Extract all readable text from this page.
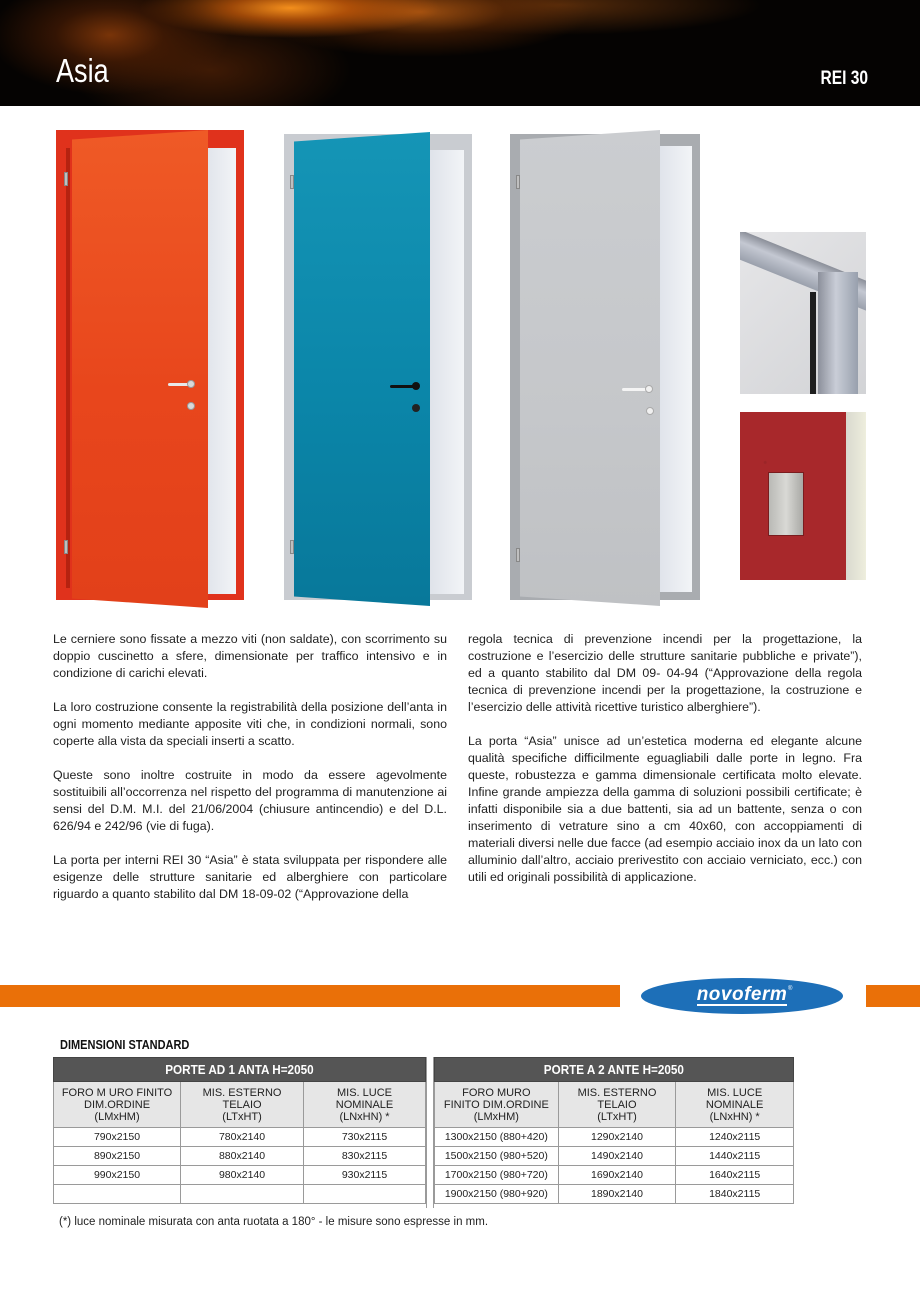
Asia	REI 30

Le cerniere sono fissate a mezzo viti (non saldate), con scorrimento su doppio cuscinetto a sfere, dimensionate per traffico intensivo e in condizione di carichi elevati.

La loro costruzione consente la registrabilità della posizione dell’anta in ogni momento mediante apposite viti che, in condizioni normali, sono coperte alla vista da speciali inserti a scatto.

Queste sono inoltre costruite in modo da essere agevolmente sostituibili all’occorrenza nel rispetto del programma di manutenzione ai sensi del D.M. M.I. del 21/06/2004 (chiusure antincendio) e del D.L. 626/94 e 242/96 (vie di fuga).

La porta per interni REI 30 “Asia” è stata sviluppata per rispondere alle esigenze delle strutture sanitarie ed alberghiere con particolare riguardo a quanto stabilito dal DM 18-09-02 (“Approvazione della

regola tecnica di prevenzione incendi per la progettazione, la costruzione e l’esercizio delle strutture sanitarie pubbliche e private”), ed a quanto stabilito dal DM 09- 04-94 (“Approvazione della regola tecnica di prevenzione incendi per la progettazione, la costruzione e l’esercizio delle attività ricettive turistico alberghiere”).

La porta “Asia” unisce ad un’estetica moderna ed elegante alcune qualità specifiche difficilmente eguagliabili dalle porte in legno. Fra queste, robustezza e gamma dimensionale certificata molto elevate. Infine grande ampiezza della gamma di soluzioni possibili certificate; è infatti disponibile sia a due battenti, sia ad un battente, senza o con inserimento di vetrature sino a cm 40x60, con accoppiamenti di materiali diversi nelle due facce (ad esempio acciaio inox da un lato con alluminio dall’altro, acciaio prerivestito con acciaio verniciato, ecc.) con utili ed originali possibilità di applicazione.

novoferm ®
DIMENSIONI STANDARD
PORTE AD 1 ANTA H=2050		

FORO M URO FINITO
DIM.ORDINE
(LMxHM)

MIS. ESTERNO
TELAIO
(LTxHT)

MIS. LUCE
NOMINALE
(LNxHN) *

790x2150	780x2140	730x2115
890x2150	880x2140	830x2115
990x2150	980x2140	930x2115

PORTE A 2 ANTE H=2050		

FORO MURO
FINITO DIM.ORDINE
(LMxHM)

MIS. ESTERNO
TELAIO
(LTxHT)

MIS. LUCE
NOMINALE
(LNxHN) *

1300x2150 (880+420)	1290x2140	1240x2115
1500x2150 (980+520)	1490x2140	1440x2115
1700x2150 (980+720)	1690x2140	1640x2115
1900x2150 (980+920)	1890x2140	1840x2115
(*) luce nominale misurata con anta ruotata a 180° - le misure sono espresse in mm.
